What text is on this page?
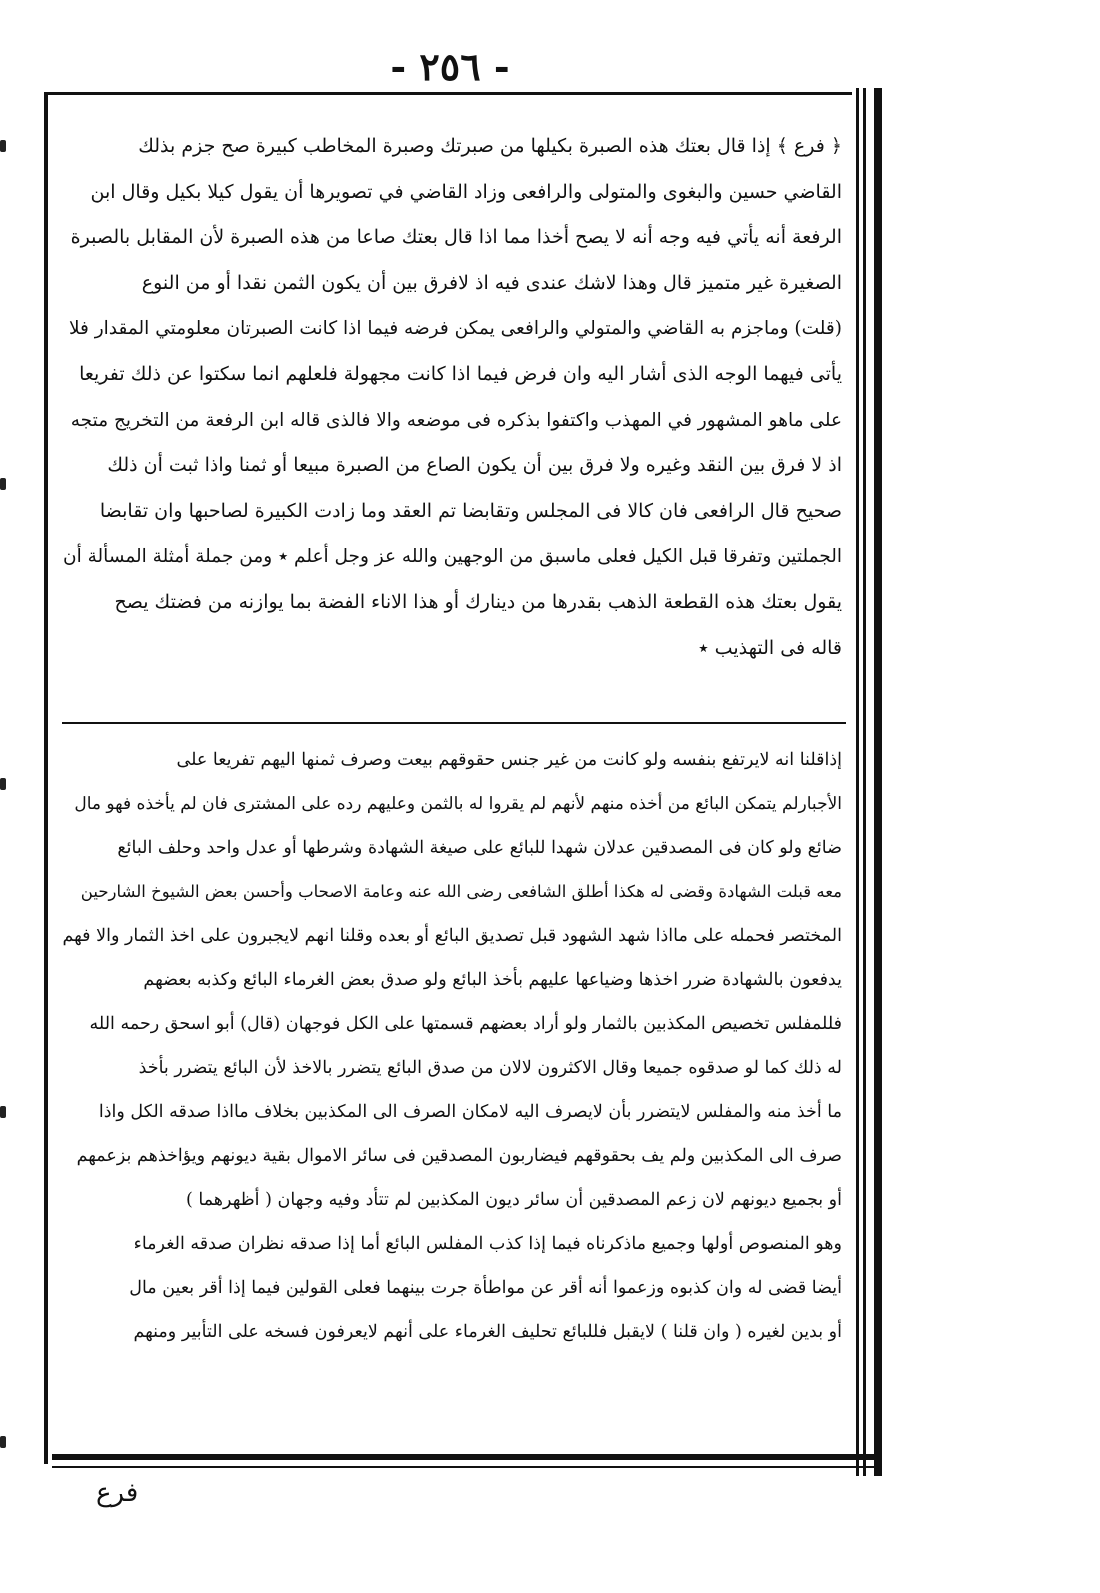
- ٢٥٦ -
﴿ فرع ﴾ إذا قال بعتك هذه الصبرة بكيلها من صبرتك وصبرة المخاطب كبيرة صح جزم بذلك
القاضي حسين والبغوى والمتولى والرافعى وزاد القاضي في تصويرها أن يقول كيلا بكيل وقال ابن
الرفعة أنه يأتي فيه وجه أنه لا يصح أخذا مما اذا قال بعتك صاعا من هذه الصبرة لأن المقابل بالصبرة
الصغيرة غير متميز قال وهذا لاشك عندى فيه اذ لافرق بين أن يكون الثمن نقدا أو من النوع
(قلت) وماجزم به القاضي والمتولي والرافعى يمكن فرضه فيما اذا كانت الصبرتان معلومتي المقدار فلا
يأتى فيهما الوجه الذى أشار اليه وان فرض فيما اذا كانت مجهولة فلعلهم انما سكتوا عن ذلك تفريعا
على ماهو المشهور في المهذب واكتفوا بذكره فى موضعه والا فالذى قاله ابن الرفعة من التخريج متجه
اذ لا فرق بين النقد وغيره ولا فرق بين أن يكون الصاع من الصبرة مبيعا أو ثمنا واذا ثبت أن ذلك
صحيح قال الرافعى فان كالا فى المجلس وتقابضا تم العقد وما زادت الكبيرة لصاحبها وان تقابضا
الجملتين وتفرقا قبل الكيل فعلى ماسبق من الوجهين والله عز وجل أعلم ٭ ومن جملة أمثلة المسألة أن
يقول بعتك هذه القطعة الذهب بقدرها من دينارك أو هذا الاناء الفضة بما يوازنه من فضتك يصح
قاله فى التهذيب ٭
إذاقلنا انه لايرتفع بنفسه ولو كانت من غير جنس حقوقهم بيعت وصرف ثمنها اليهم تفريعا على
الأجبارلم يتمكن البائع من أخذه منهم لأنهم لم يقروا له بالثمن وعليهم رده على المشترى فان لم يأخذه فهو مال
ضائع ولو كان فى المصدقين عدلان شهدا للبائع على صيغة الشهادة وشرطها أو عدل واحد وحلف البائع
معه قبلت الشهادة وقضى له هكذا أطلق الشافعى رضى الله عنه وعامة الاصحاب وأحسن بعض الشيوخ الشارحين
المختصر فحمله على مااذا شهد الشهود قبل تصديق البائع أو بعده وقلنا انهم لايجبرون على اخذ الثمار والا فهم
يدفعون بالشهادة ضرر اخذها وضياعها عليهم بأخذ البائع ولو صدق بعض الغرماء البائع وكذبه بعضهم
فللمفلس تخصيص المكذبين بالثمار ولو أراد بعضهم قسمتها على الكل فوجهان (قال) أبو اسحق رحمه الله
له ذلك كما لو صدقوه جميعا وقال الاكثرون لالان من صدق البائع يتضرر بالاخذ لأن البائع يتضرر بأخذ
ما أخذ منه والمفلس لايتضرر بأن لايصرف اليه لامكان الصرف الى المكذبين بخلاف مااذا صدقه الكل واذا
صرف الى المكذبين ولم يف بحقوقهم فيضاربون المصدقين فى سائر الاموال بقية ديونهم ويؤاخذهم بزعمهم
أو بجميع ديونهم لان زعم المصدقين أن سائر ديون المكذبين لم تتأد وفيه وجهان ( أظهرهما )
وهو المنصوص أولها وجميع ماذكرناه فيما إذا كذب المفلس البائع أما إذا صدقه نظران صدقه الغرماء
أيضا قضى له وان كذبوه وزعموا أنه أقر عن مواطأة جرت بينهما فعلى القولين فيما إذا أقر بعين مال
أو بدين لغيره ( وان قلنا ) لايقبل فللبائع تحليف الغرماء على أنهم لايعرفون فسخه على التأبير ومنهم
فرع
